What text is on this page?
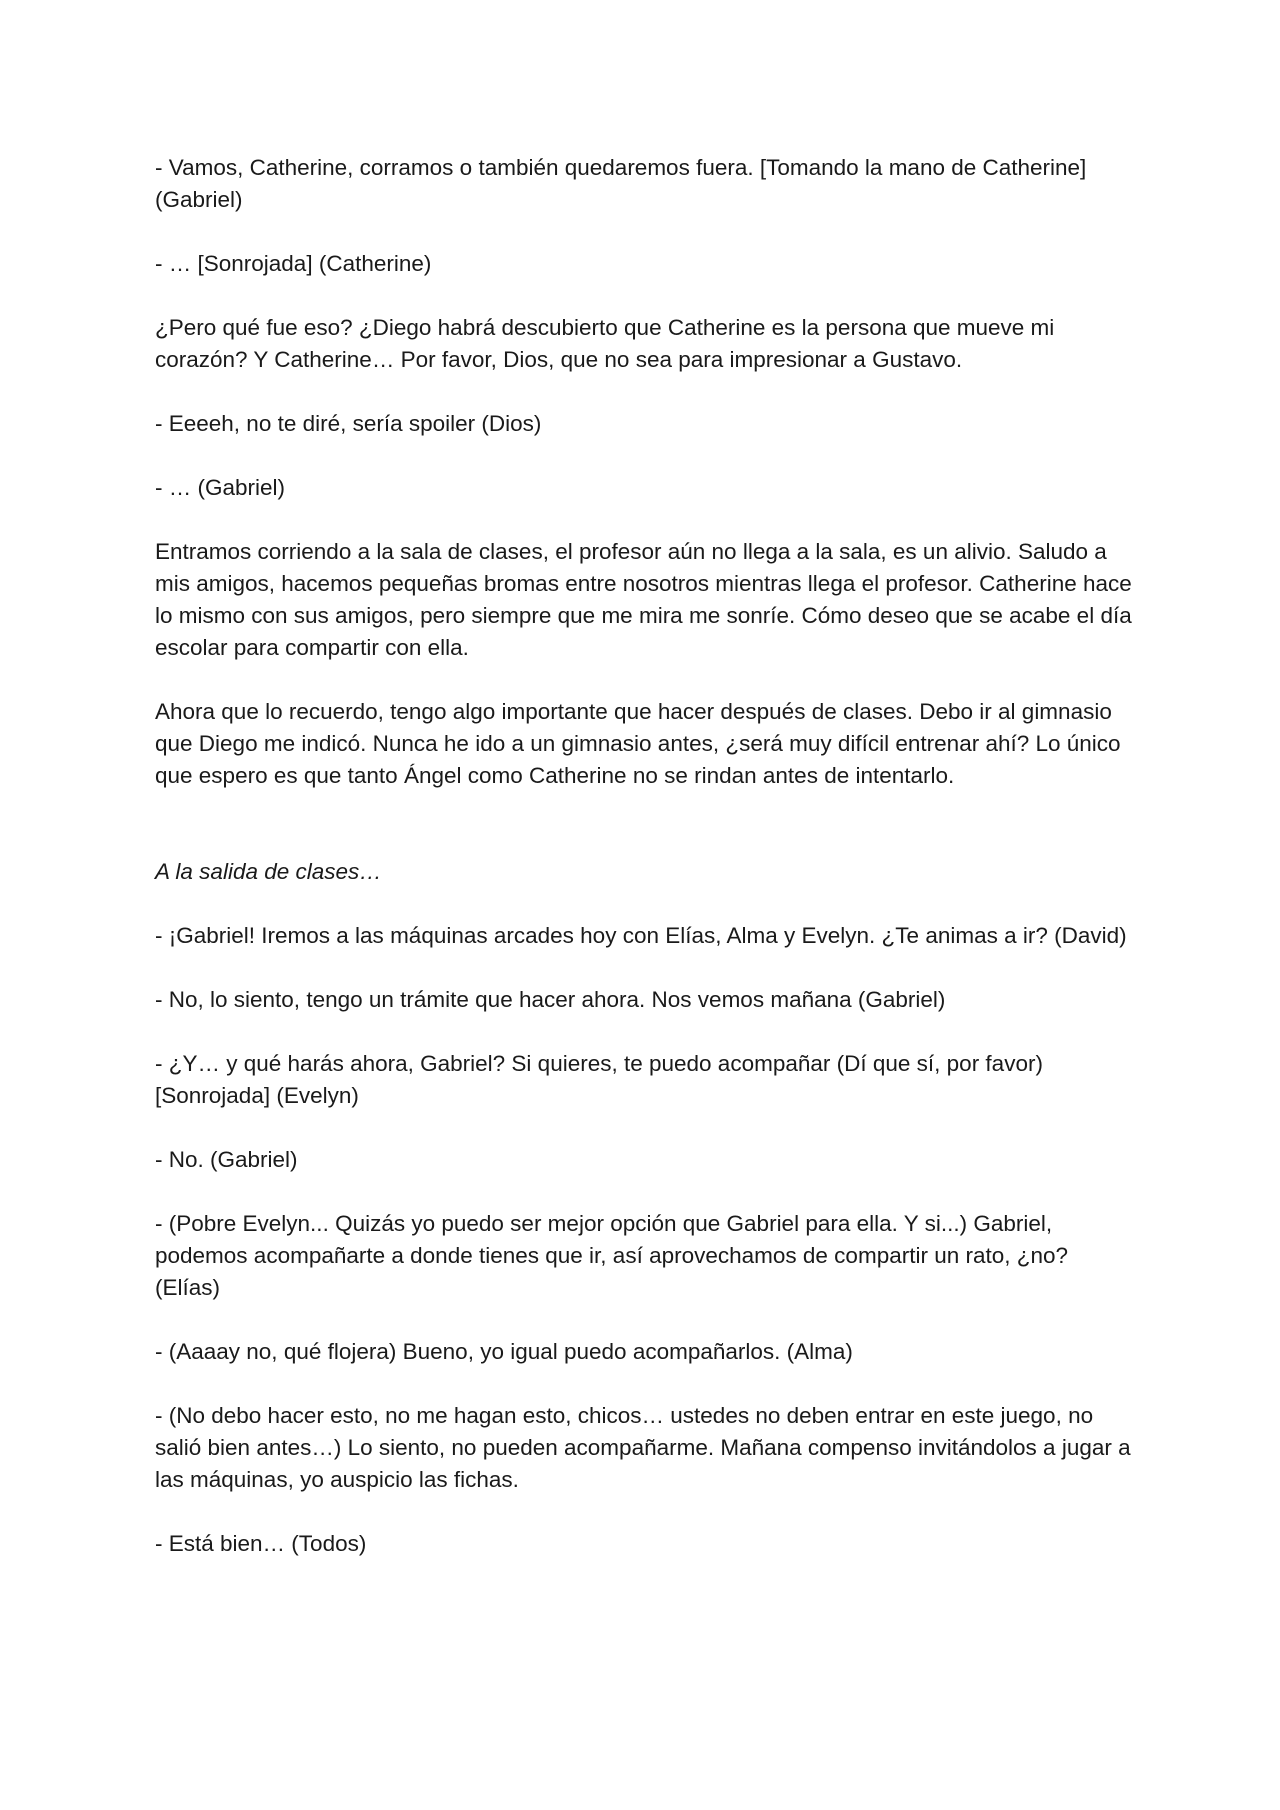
- Vamos, Catherine, corramos o también quedaremos fuera. [Tomando la mano de Catherine] (Gabriel)

- … [Sonrojada] (Catherine)

¿Pero qué fue eso? ¿Diego habrá descubierto que Catherine es la persona que mueve mi corazón? Y Catherine… Por favor, Dios, que no sea para impresionar a Gustavo.

- Eeeeh, no te diré, sería spoiler (Dios)

- … (Gabriel)

Entramos corriendo a la sala de clases, el profesor aún no llega a la sala, es un alivio. Saludo a mis amigos, hacemos pequeñas bromas entre nosotros mientras llega el profesor. Catherine hace lo mismo con sus amigos, pero siempre que me mira me sonríe. Cómo deseo que se acabe el día escolar para compartir con ella.

Ahora que lo recuerdo, tengo algo importante que hacer después de clases. Debo ir al gimnasio que Diego me indicó. Nunca he ido a un gimnasio antes, ¿será muy difícil entrenar ahí? Lo único que espero es que tanto Ángel como Catherine no se rindan antes de intentarlo.

A la salida de clases…

- ¡Gabriel! Iremos a las máquinas arcades hoy con Elías, Alma y Evelyn. ¿Te animas a ir? (David)

- No, lo siento, tengo un trámite que hacer ahora. Nos vemos mañana (Gabriel)

- ¿Y… y qué harás ahora, Gabriel? Si quieres, te puedo acompañar (Dí que sí, por favor) [Sonrojada] (Evelyn)

- No. (Gabriel)

- (Pobre Evelyn... Quizás yo puedo ser mejor opción que Gabriel para ella. Y si...) Gabriel, podemos acompañarte a donde tienes que ir, así aprovechamos de compartir un rato, ¿no? (Elías)

- (Aaaay no, qué flojera) Bueno, yo igual puedo acompañarlos. (Alma)

- (No debo hacer esto, no me hagan esto, chicos… ustedes no deben entrar en este juego, no salió bien antes…) Lo siento, no pueden acompañarme. Mañana compenso invitándolos a jugar a las máquinas, yo auspicio las fichas.

- Está bien… (Todos)
